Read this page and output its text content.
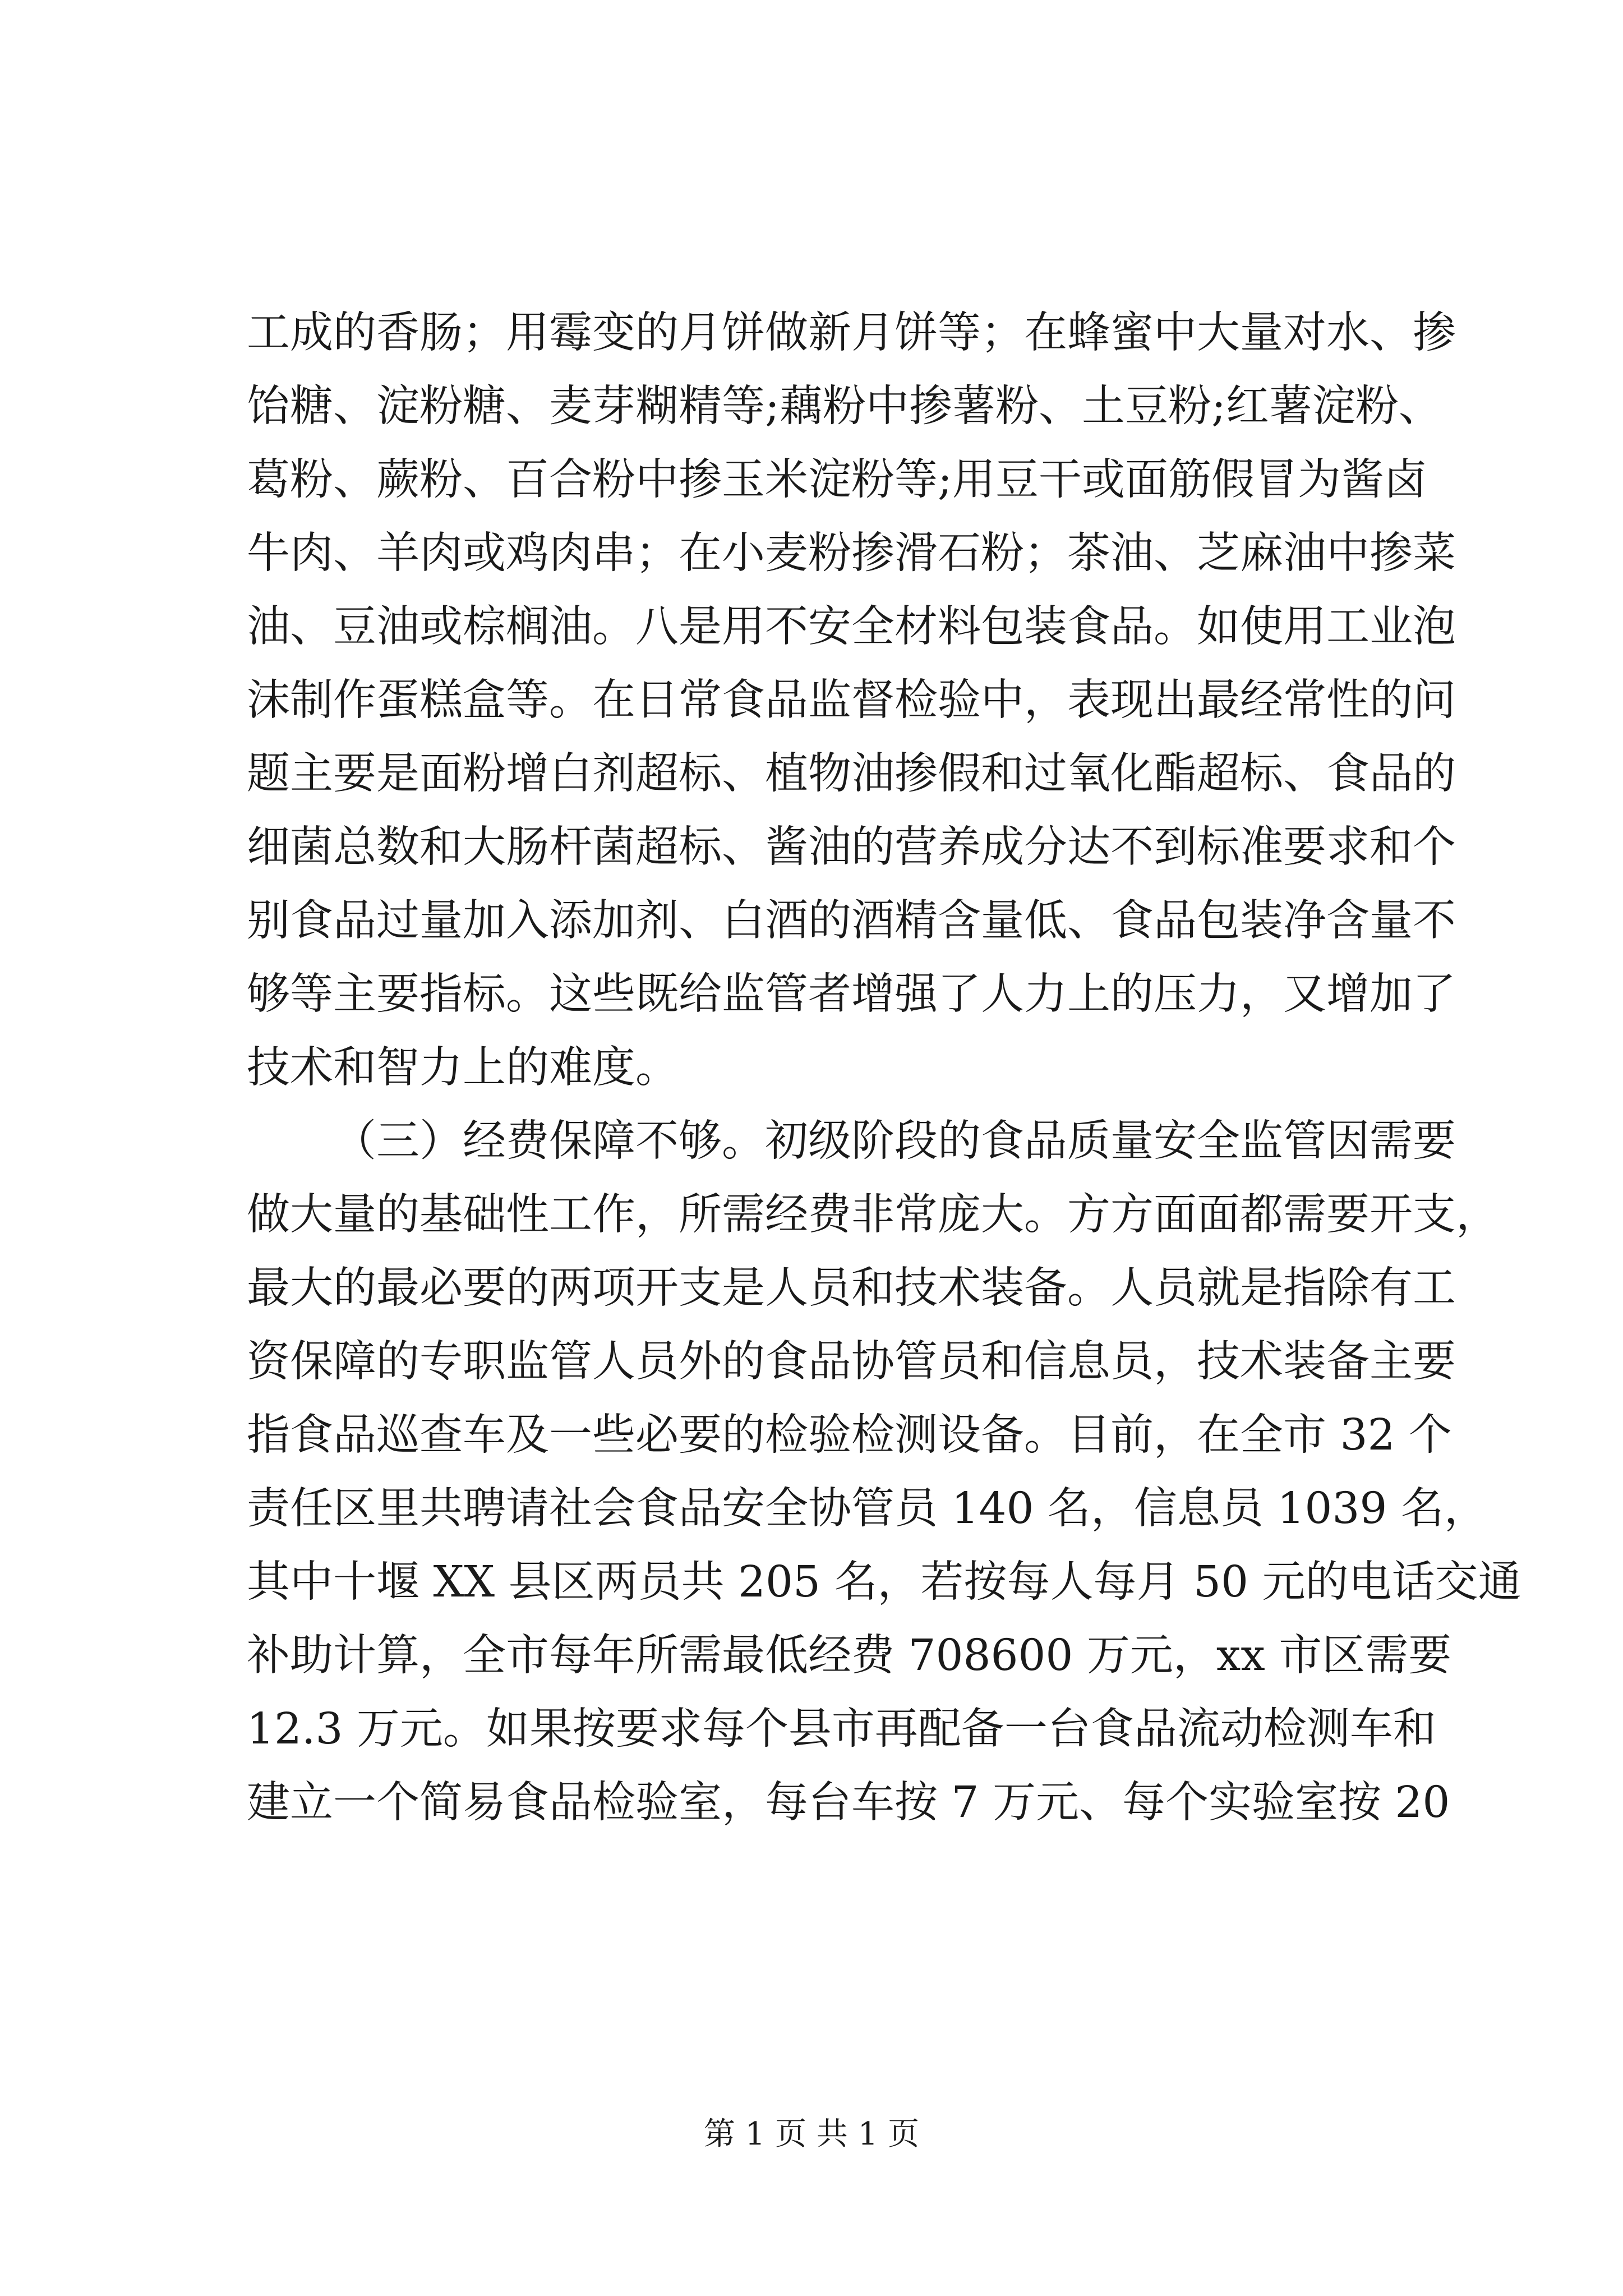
工成的香肠；用霉变的月饼做新月饼等；在蜂蜜中大量对水、掺
饴糖、淀粉糖、麦芽糊精等;藕粉中掺薯粉、土豆粉;红薯淀粉、
葛粉、蕨粉、百合粉中掺玉米淀粉等;用豆干或面筋假冒为酱卤
牛肉、羊肉或鸡肉串；在小麦粉掺滑石粉；茶油、芝麻油中掺菜
油、豆油或棕榈油。八是用不安全材料包装食品。如使用工业泡
沫制作蛋糕盒等。在日常食品监督检验中，表现出最经常性的问
题主要是面粉增白剂超标、植物油掺假和过氧化酯超标、食品的
细菌总数和大肠杆菌超标、酱油的营养成分达不到标准要求和个
别食品过量加入添加剂、白酒的酒精含量低、食品包装净含量不
够等主要指标。这些既给监管者增强了人力上的压力，又增加了
技术和智力上的难度。
（三）经费保障不够。初级阶段的食品质量安全监管因需要
做大量的基础性工作，所需经费非常庞大。方方面面都需要开支，
最大的最必要的两项开支是人员和技术装备。人员就是指除有工
资保障的专职监管人员外的食品协管员和信息员，技术装备主要
指食品巡查车及一些必要的检验检测设备。目前，在全市 32 个
责任区里共聘请社会食品安全协管员 140 名，信息员 1039 名，
其中十堰 XX 县区两员共 205 名，若按每人每月 50 元的电话交通
补助计算，全市每年所需最低经费 708600 万元，xx 市区需要
12.3 万元。如果按要求每个县市再配备一台食品流动检测车和
建立一个简易食品检验室，每台车按 7 万元、每个实验室按 20
第 1 页 共 1 页
